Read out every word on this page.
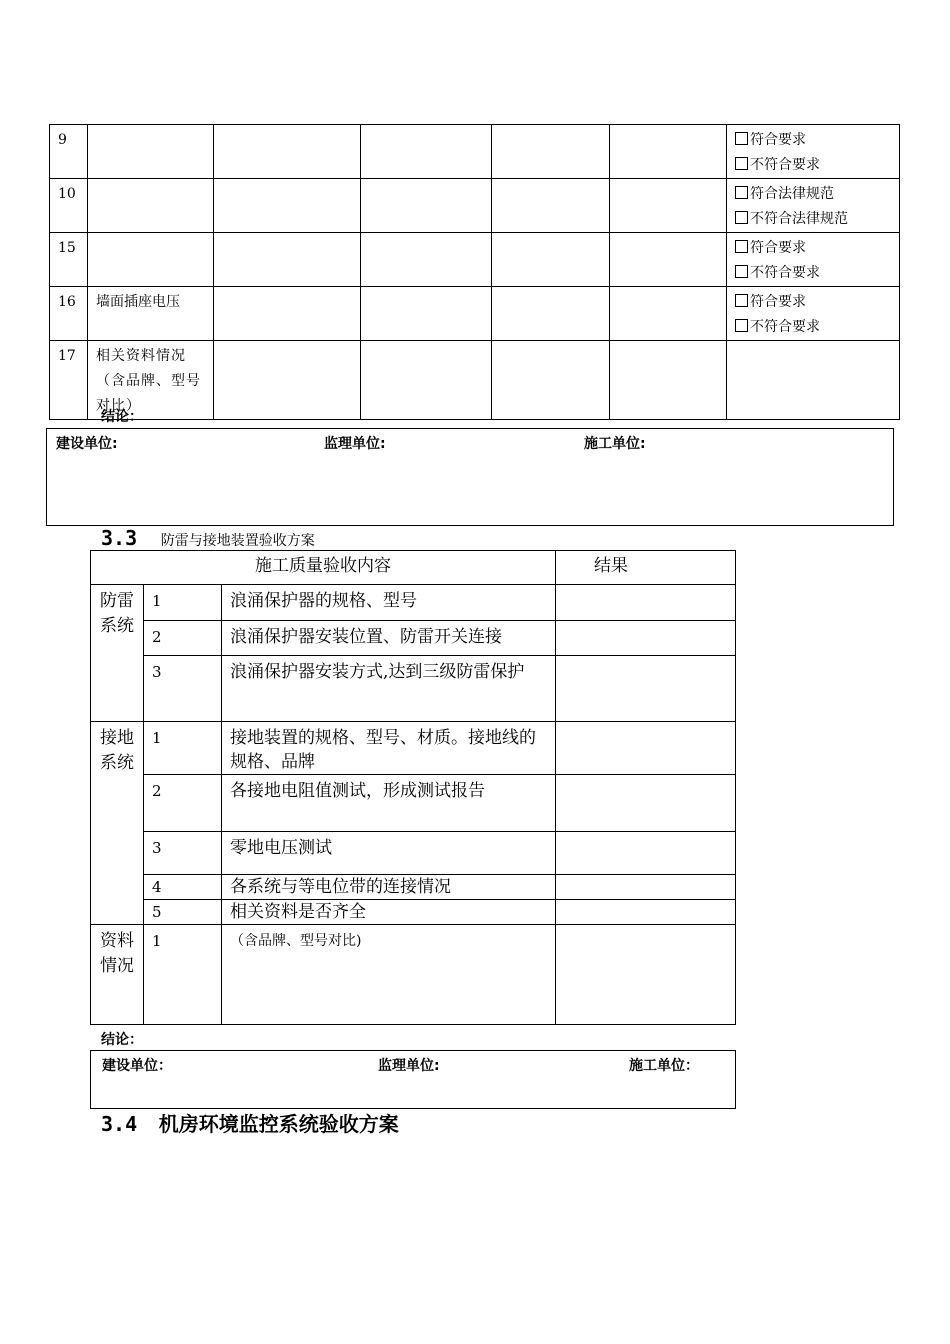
9						符合要求
不符合要求

10						符合法律规范
不符合法律规范

15						符合要求
不符合要求

16	墙面插座电压					符合要求
不符合要求

17	相关资料情况（含品牌、型号对比）					
结论：
建设单位:	监理单位:	施工单位:
3.3 防雷与接地装置验收方案
施工质量验收内容			结果
防雷系统	1	浪涌保护器的规格、型号	
	2	浪涌保护器安装位置、防雷开关连接	
	3	浪涌保护器安装方式,达到三级防雷保护	
接地系统	1	接地装置的规格、型号、材质。接地线的规格、品牌	
	2	各接地电阻值测试，形成测试报告	
	3	零地电压测试	
	4	各系统与等电位带的连接情况	
	5	相关资料是否齐全	
资料情况	1	（含品牌、型号对比)	
结论：
建设单位：	监理单位:	施工单位：
3.4 机房环境监控系统验收方案
